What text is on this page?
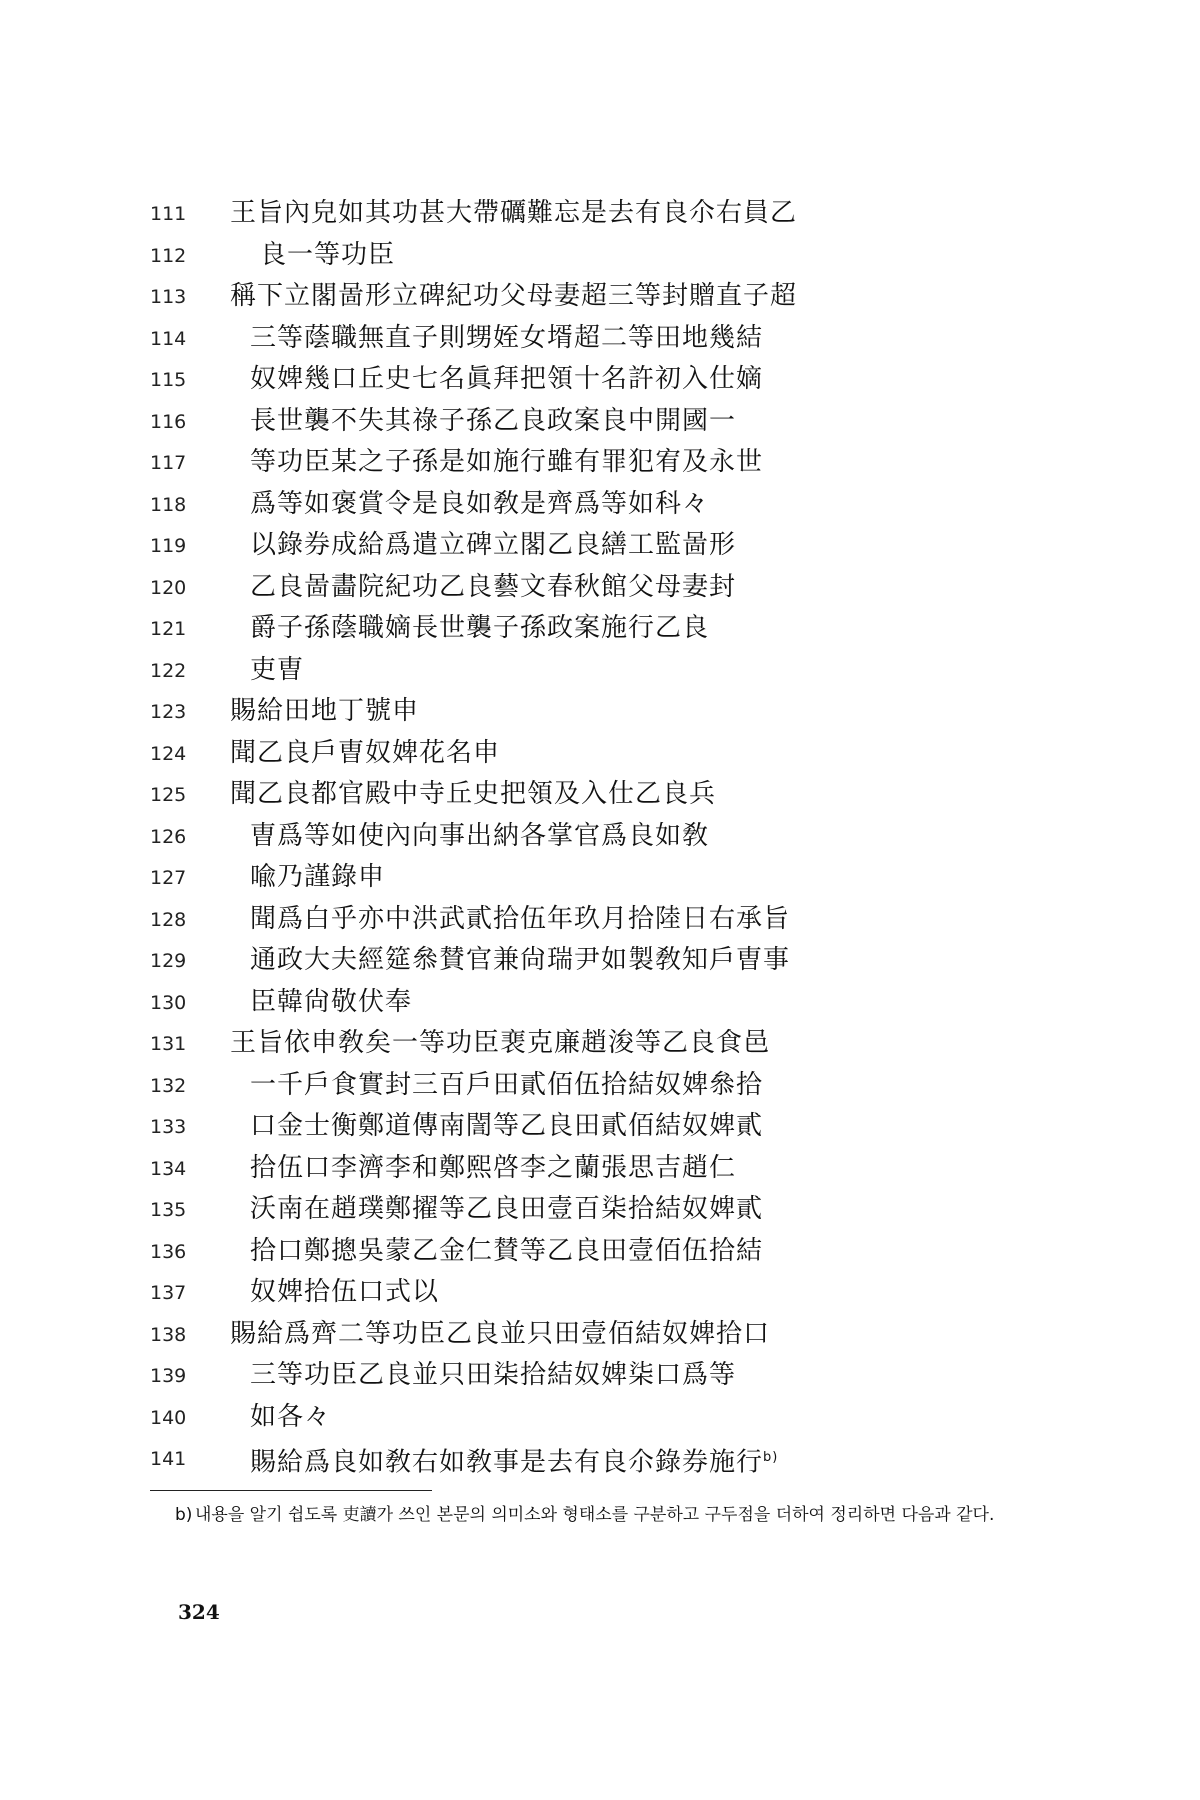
111	王旨內皃如其功甚大帶礪難忘是去有良尒右員乙
112	良一等功臣
113	稱下立閣啚形立碑紀功父母妻超三等封贈直子超
114	三等蔭職無直子則甥姪女壻超二等田地幾結
115	奴婢幾口丘史七名眞拜把領十名許初入仕嫡
116	長世襲不失其祿子孫乙良政案良中開國一
117	等功臣某之子孫是如施行雖有罪犯宥及永世
118	爲等如褒賞令是良如敎是齊爲等如科々
119	以錄券成給爲遣立碑立閣乙良繕工監啚形
120	乙良啚畵院紀功乙良藝文春秋館父母妻封
121	爵子孫蔭職嫡長世襲子孫政案施行乙良
122	吏曺
123	賜給田地丁號申
124	聞乙良戶曺奴婢花名申
125	聞乙良都官殿中寺丘史把領及入仕乙良兵
126	曺爲等如使內向事出納各掌官爲良如敎
127	喩乃謹錄申
128	聞爲白乎亦中洪武貳拾伍年玖月拾陸日右承旨
129	通政大夫經筵叅賛官兼尙瑞尹如製敎知戶曺事
130	臣韓尙敬伏奉
131	王旨依申敎矣一等功臣裵克廉趙浚等乙良食邑
132	一千戶食實封三百戶田貳佰伍拾結奴婢叅拾
133	口金士衡鄭道傳南誾等乙良田貳佰結奴婢貳
134	拾伍口李濟李和鄭熙啓李之蘭張思吉趙仁
135	沃南在趙璞鄭擢等乙良田壹百柒拾結奴婢貳
136	拾口鄭摠吳蒙乙金仁賛等乙良田壹佰伍拾結
137	奴婢拾伍口式以
138	賜給爲齊二等功臣乙良並只田壹佰結奴婢拾口
139	三等功臣乙良並只田柒拾結奴婢柒口爲等
140	如各々
141	賜給爲良如敎右如敎事是去有良尒錄券施行$^{b)}$
b) 내용을 알기 쉽도록 吏讀가 쓰인 본문의 의미소와 형태소를 구분하고 구두점을 더하여 정리하면 다음과 같다.
324
